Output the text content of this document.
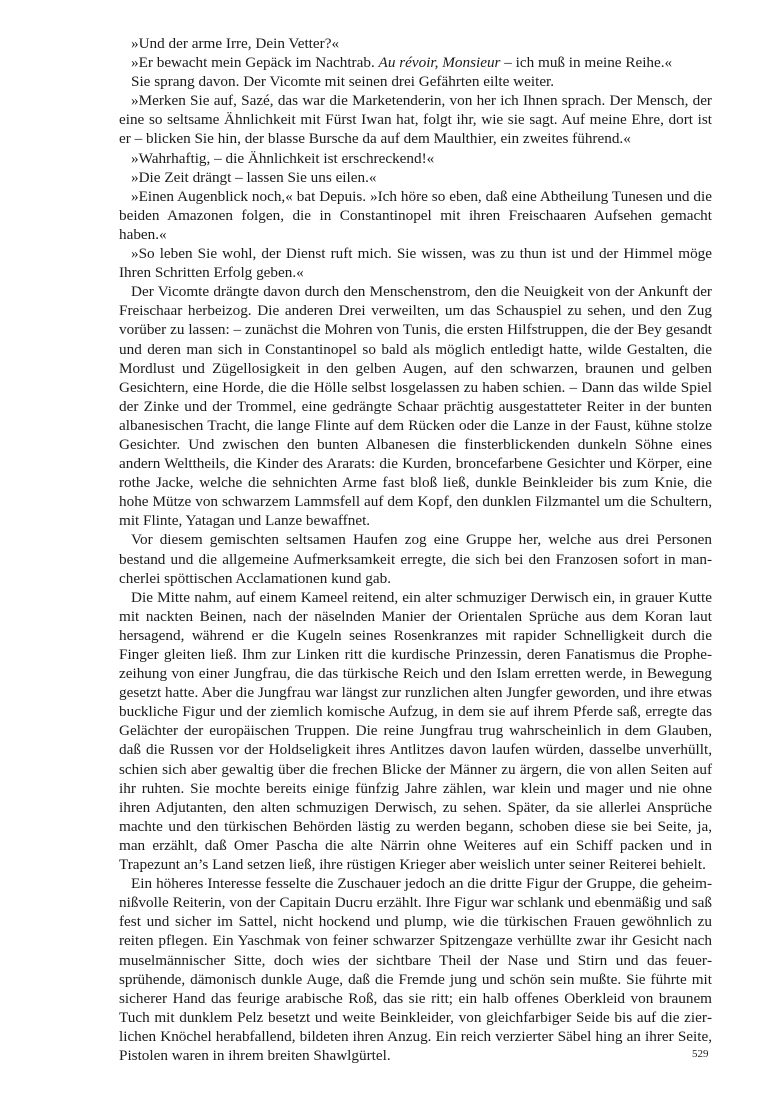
»Und der arme Irre, Dein Vetter?«

»Er bewacht mein Gepäck im Nachtrab. Au révoir, Monsieur – ich muß in meine Reihe.«

Sie sprang davon. Der Vicomte mit seinen drei Gefährten eilte weiter.

»Merken Sie auf, Sazé, das war die Marketenderin, von her ich Ihnen sprach. Der Mensch, der eine so seltsame Ähnlichkeit mit Fürst Iwan hat, folgt ihr, wie sie sagt. Auf meine Ehre, dort ist er – blicken Sie hin, der blasse Bursche da auf dem Maulthier, ein zweites führend.«

»Wahrhaftig, – die Ähnlichkeit ist erschreckend!«

»Die Zeit drängt – lassen Sie uns eilen.«

»Einen Augenblick noch,« bat Depuis. »Ich höre so eben, daß eine Abtheilung Tunesen und die beiden Amazonen folgen, die in Constantinopel mit ihren Freischaaren Aufsehen gemacht haben.«

»So leben Sie wohl, der Dienst ruft mich. Sie wissen, was zu thun ist und der Himmel möge Ihren Schritten Erfolg geben.«

Der Vicomte drängte davon durch den Menschenstrom, den die Neuigkeit von der Ankunft der Freischaar herbeizog. Die anderen Drei verweilten, um das Schauspiel zu sehen, und den Zug vorüber zu lassen: – zunächst die Mohren von Tunis, die ersten Hilfstruppen, die der Bey gesandt und deren man sich in Constantinopel so bald als möglich entledigt hatte, wilde Gestalten, die Mordlust und Zügellosigkeit in den gelben Augen, auf den schwarzen, braunen und gelben Gesichtern, eine Horde, die die Hölle selbst losgelassen zu haben schien. – Dann das wilde Spiel der Zinke und der Trommel, eine gedrängte Schaar prächtig ausgestatteter Reiter in der bunten albanesischen Tracht, die lange Flinte auf dem Rücken oder die Lanze in der Faust, kühne stolze Gesichter. Und zwischen den bunten Albanesen die finsterblickenden dunkeln Söhne eines andern Welttheils, die Kinder des Ararats: die Kurden, broncefarbene Gesichter und Körper, eine rothe Jacke, welche die sehnichten Arme fast bloß ließ, dunkle Beinkleider bis zum Knie, die hohe Mütze von schwarzem Lammsfell auf dem Kopf, den dunklen Filzmantel um die Schultern, mit Flinte, Yatagan und Lanze bewaffnet.

Vor diesem gemischten seltsamen Haufen zog eine Gruppe her, welche aus drei Personen bestand und die allgemeine Aufmerksamkeit erregte, die sich bei den Franzosen sofort in mancherlei spöttischen Acclamationen kund gab.

Die Mitte nahm, auf einem Kameel reitend, ein alter schmuziger Derwisch ein, in grauer Kutte mit nackten Beinen, nach der näselnden Manier der Orientalen Sprüche aus dem Koran laut hersagend, während er die Kugeln seines Rosenkranzes mit rapider Schnelligkeit durch die Finger gleiten ließ. Ihm zur Linken ritt die kurdische Prinzessin, deren Fanatismus die Prophezeihung von einer Jungfrau, die das türkische Reich und den Islam erretten werde, in Bewegung gesetzt hatte. Aber die Jungfrau war längst zur runzlichen alten Jungfer geworden, und ihre etwas buckliche Figur und der ziemlich komische Aufzug, in dem sie auf ihrem Pferde saß, erregte das Gelächter der europäischen Truppen. Die reine Jungfrau trug wahrscheinlich in dem Glauben, daß die Russen vor der Holdseligkeit ihres Antlitzes davon laufen würden, dasselbe unverhüllt, schien sich aber gewaltig über die frechen Blicke der Männer zu ärgern, die von allen Seiten auf ihr ruhten. Sie mochte bereits einige fünfzig Jahre zählen, war klein und mager und nie ohne ihren Adjutanten, den alten schmuzigen Derwisch, zu sehen. Später, da sie allerlei Ansprüche machte und den türkischen Behörden lästig zu werden begann, schoben diese sie bei Seite, ja, man erzählt, daß Omer Pascha die alte Närrin ohne Weiteres auf ein Schiff packen und in Trapezunt an’s Land setzen ließ, ihre rüstigen Krieger aber weislich unter seiner Reiterei behielt.

Ein höheres Interesse fesselte die Zuschauer jedoch an die dritte Figur der Gruppe, die geheimnißvolle Reiterin, von der Capitain Ducru erzählt. Ihre Figur war schlank und ebenmäßig und saß fest und sicher im Sattel, nicht hockend und plump, wie die türkischen Frauen gewöhnlich zu reiten pflegen. Ein Yaschmak von feiner schwarzer Spitzengaze verhüllte zwar ihr Gesicht nach muselmännischer Sitte, doch wies der sichtbare Theil der Nase und Stirn und das feuersprühende, dämonisch dunkle Auge, daß die Fremde jung und schön sein mußte. Sie führte mit sicherer Hand das feurige arabische Roß, das sie ritt; ein halb offenes Oberkleid von braunem Tuch mit dunklem Pelz besetzt und weite Beinkleider, von gleichfarbiger Seide bis auf die zierlichen Knöchel herabfallend, bildeten ihren Anzug. Ein reich verzierter Säbel hing an ihrer Seite, Pistolen waren in ihrem breiten Shawlgürtel.	529
